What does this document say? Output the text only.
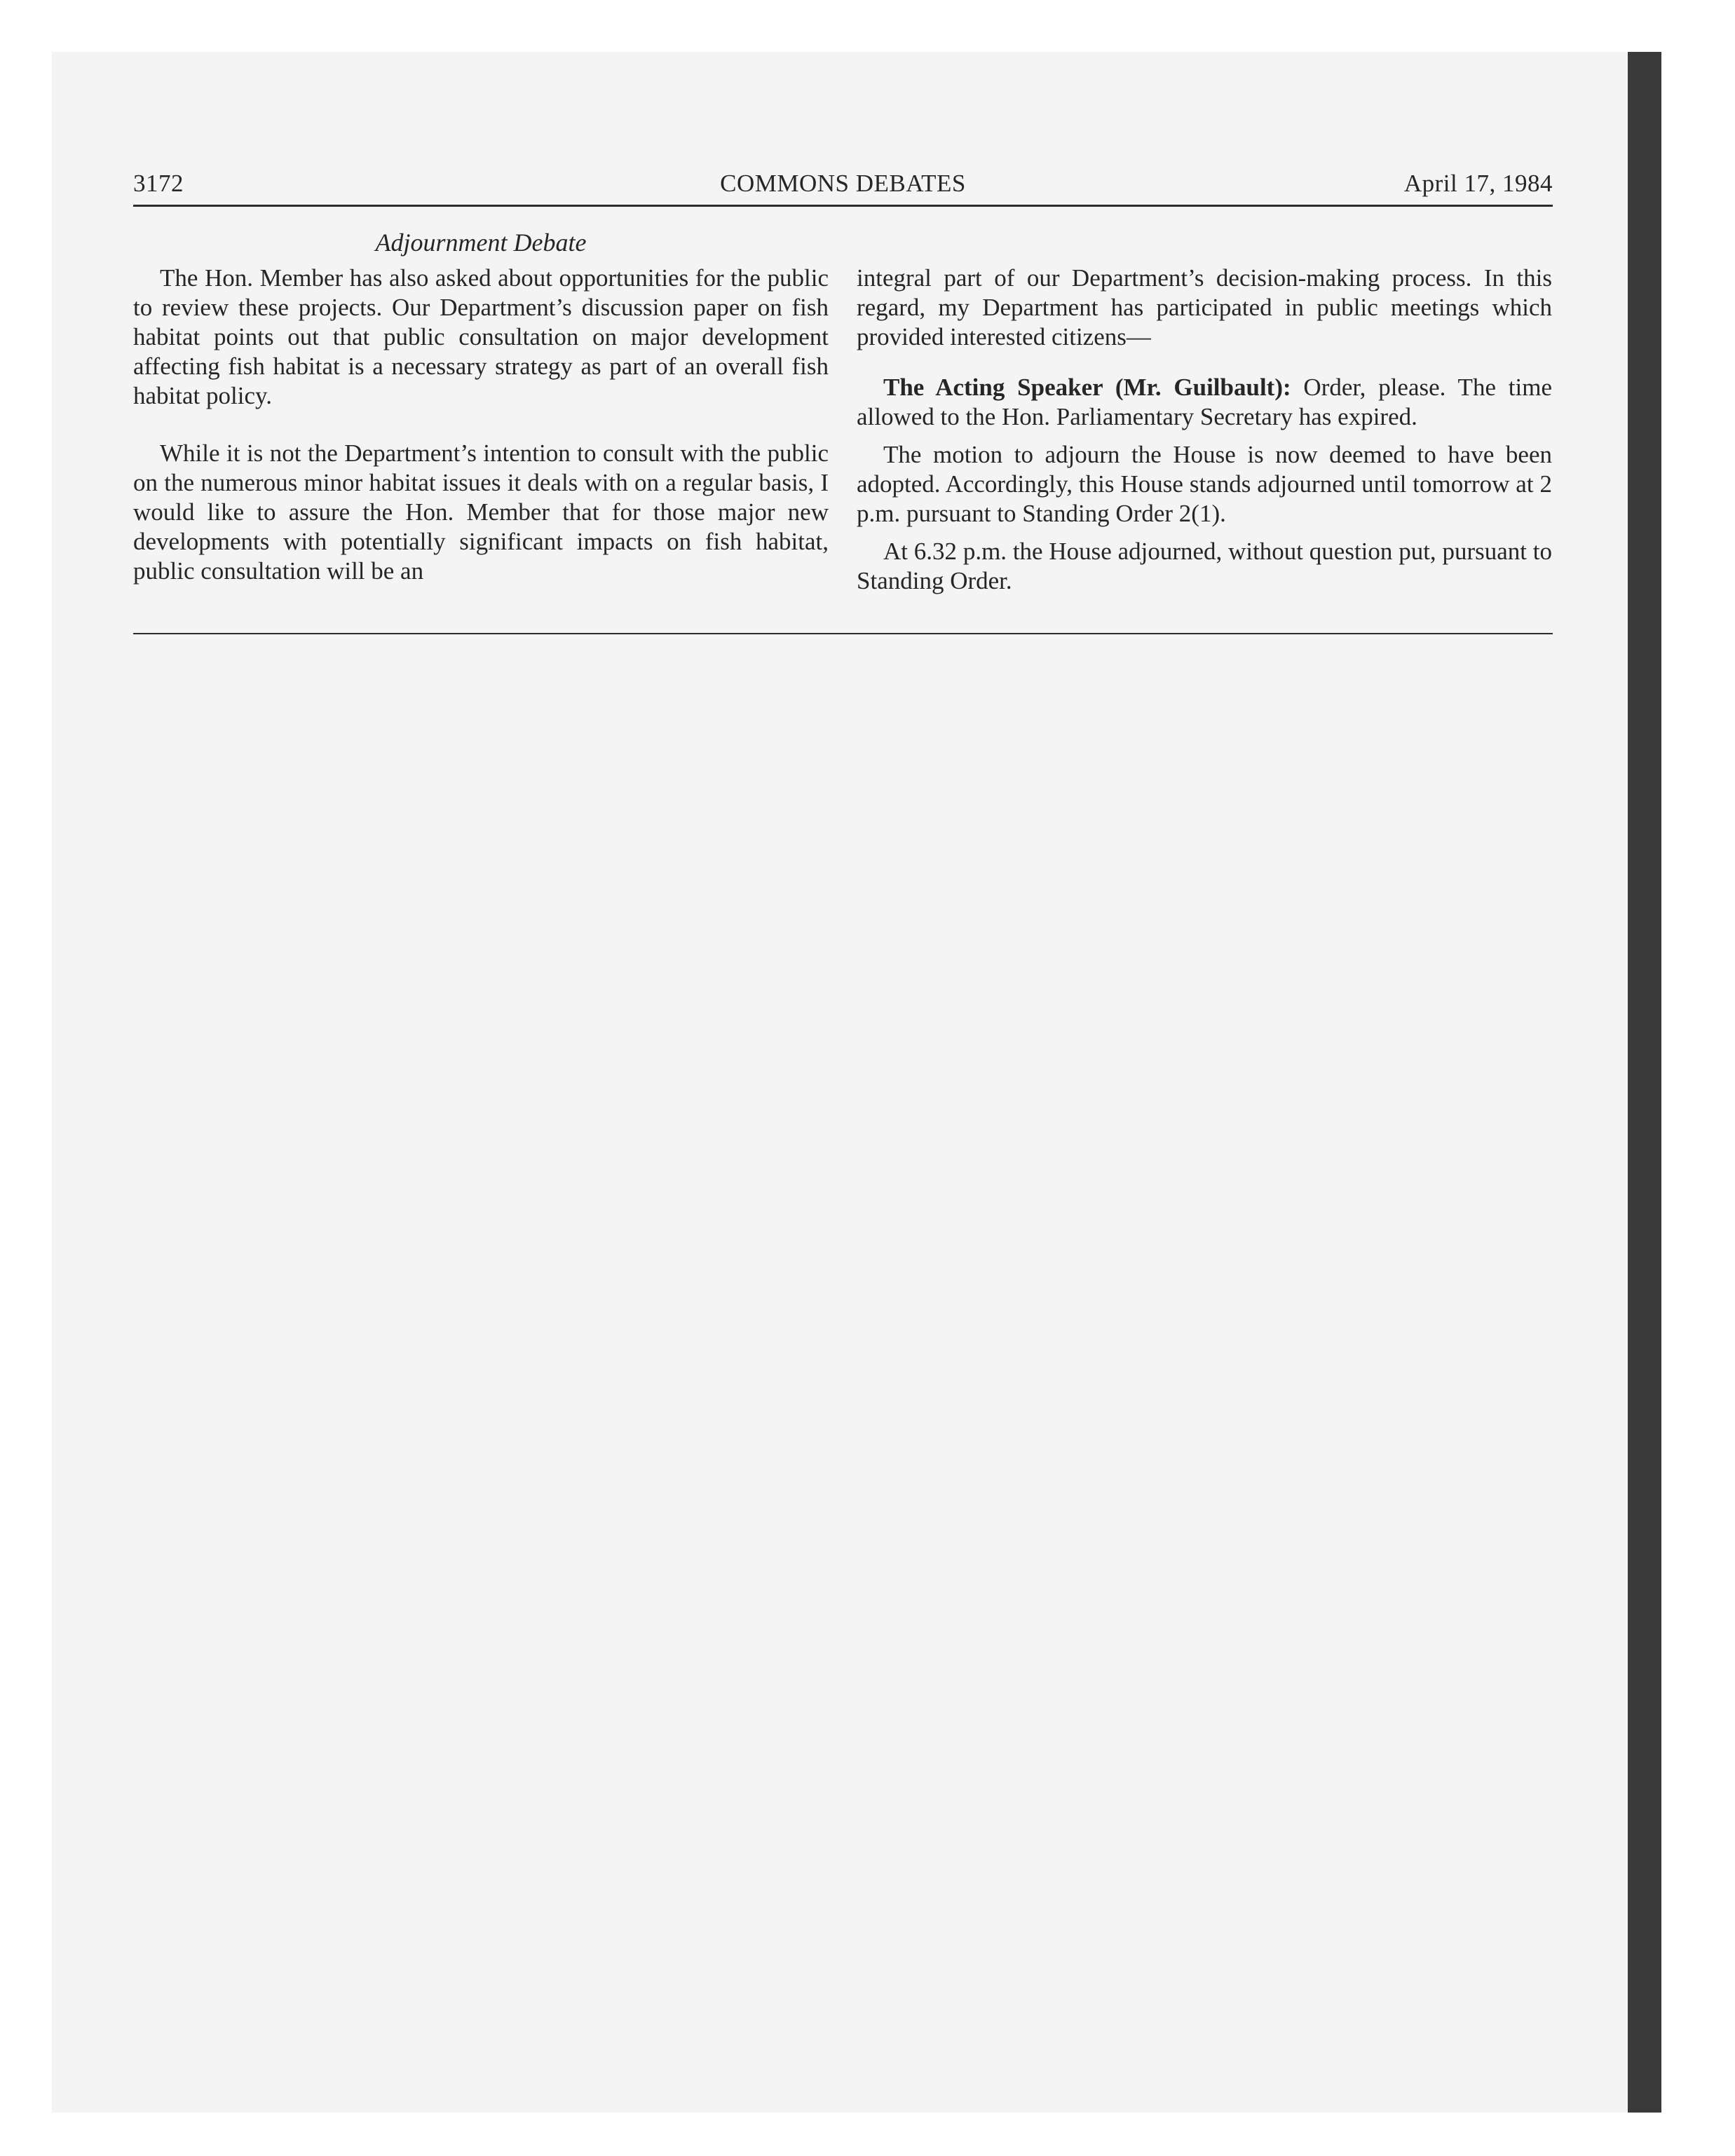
3172	COMMONS DEBATES	April 17, 1984
Adjournment Debate

The Hon. Member has also asked about opportunities for the public to review these projects. Our Department’s discussion paper on fish habitat points out that public consultation on major development affecting fish habitat is a necessary strategy as part of an overall fish habitat policy.

While it is not the Department’s intention to consult with the public on the numerous minor habitat issues it deals with on a regular basis, I would like to assure the Hon. Member that for those major new developments with potentially significant impacts on fish habitat, public consultation will be an

integral part of our Department’s decision-making process. In this regard, my Department has participated in public meetings which provided interested citizens—

The Acting Speaker (Mr. Guilbault): Order, please. The time allowed to the Hon. Parliamentary Secretary has expired.

The motion to adjourn the House is now deemed to have been adopted. Accordingly, this House stands adjourned until tomorrow at 2 p.m. pursuant to Standing Order 2(1).

At 6.32 p.m. the House adjourned, without question put, pursuant to Standing Order.
